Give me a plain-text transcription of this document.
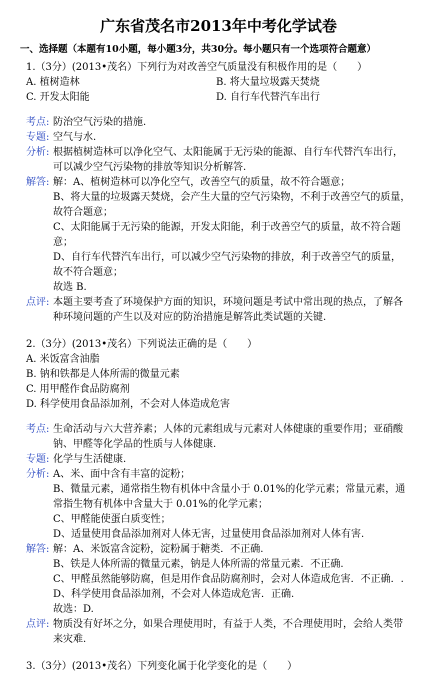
广东省茂名市2013年中考化学试卷
一、选择题（本题有10小题，每小题3分，共30分。每小题只有一个选项符合题意）

1.（3分）(2013•茂名）下列行为对改善空气质量没有积极作用的是（　　）

A. 植树造林	B. 将大量垃圾露天焚烧
C. 开发太阳能	D. 自行车代替汽车出行
考点: 防治空气污染的措施.
专题: 空气与水.
分析: 根据植树造林可以净化空气、太阳能属于无污染的能源、自行车代替汽车出行，可以减少空气污染物的排放等知识分析解答.
解答: 解：A、植树造林可以净化空气，改善空气的质量，故不符合题意；
B、将大量的垃圾露天焚烧，会产生大量的空气污染物，不利于改善空气的质量，故符合题意；
C、太阳能属于无污染的能源，开发太阳能，利于改善空气的质量，故不符合题意；
D、自行车代替汽车出行，可以减少空气污染物的排放，利于改善空气的质量，故不符合题意；
故选 B.
点评: 本题主要考查了环境保护方面的知识，环境问题是考试中常出现的热点，了解各种环境问题的产生以及对应的防治措施是解答此类试题的关键.

2.（3分）(2013•茂名）下列说法正确的是（　　）

A. 米饭富含油脂
B. 钠和铁都是人体所需的微量元素
C. 用甲醛作食品防腐剂
D. 科学使用食品添加剂，不会对人体造成危害
考点: 生命活动与六大营养素；人体的元素组成与元素对人体健康的重要作用；亚硝酸钠、甲醛等化学品的性质与人体健康.
专题: 化学与生活健康.
分析: A、米、面中含有丰富的淀粉；
B、微量元素，通常指生物有机体中含量小于 0.01%的化学元素；常量元素，通常指生物有机体中含量大于 0.01%的化学元素；
C、甲醛能使蛋白质变性；
D、适量使用食品添加剂对人体无害，过量使用食品添加剂对人体有害.
解答: 解：A、米饭富含淀粉，淀粉属于糖类．不正确.
B、铁是人体所需的微量元素，钠是人体所需的常量元素．不正确.
C、甲醛虽然能够防腐，但是用作食品防腐剂时，会对人体造成危害．不正确．.
D、科学使用食品添加剂，不会对人体造成危害．正确.
故选：D.
点评: 物质没有好坏之分，如果合理使用时，有益于人类，不合理使用时，会给人类带来灾难.

3.（3分）(2013•茂名）下列变化属于化学变化的是（　　）
